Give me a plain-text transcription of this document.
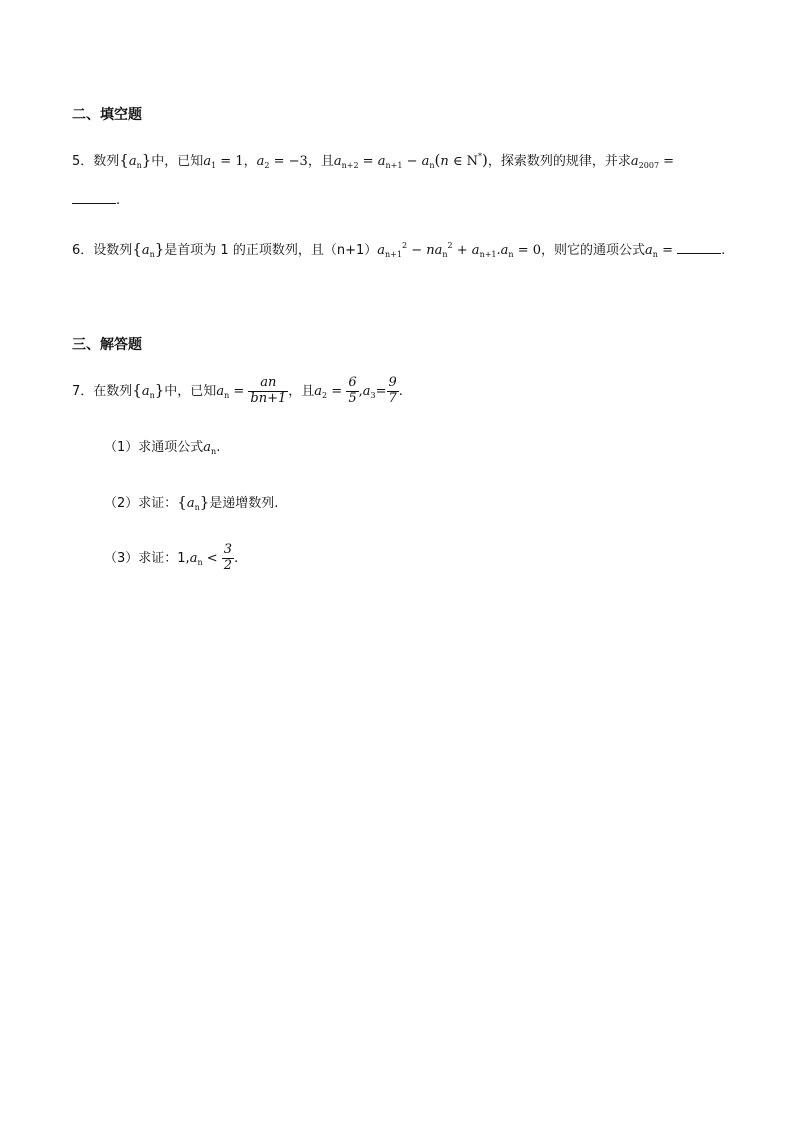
二、填空题
5．数列$\{a_n\}$中，已知$a_1 = 1$，$a_2 = -3$，且$a_{n+2} = a_{n+1} - a_n(n$ ∈ N*)，探索数列的规律，并求$a_{2007}$ =
.
6．设数列$\{a_n\}$是首项为 1 的正项数列，且$(n+1)a_{n+1}^2 - na_n^2 + a_{n+1}.a_n = 0$，则它的通项公式$a_n$ =	.
三、解答题
7．在数列$\{a_n\}$中，已知$a_n = \frac{an}{bn+1}$ ，且$a_2 = \frac{6}{5} ,a_3= \frac{9}{7}$ .
（1）求通项公式$a_n$.
（2）求证：$\{a_n\}$是递增数列.
（3）求证：$1,a_n < \frac{3}{2}$ .
